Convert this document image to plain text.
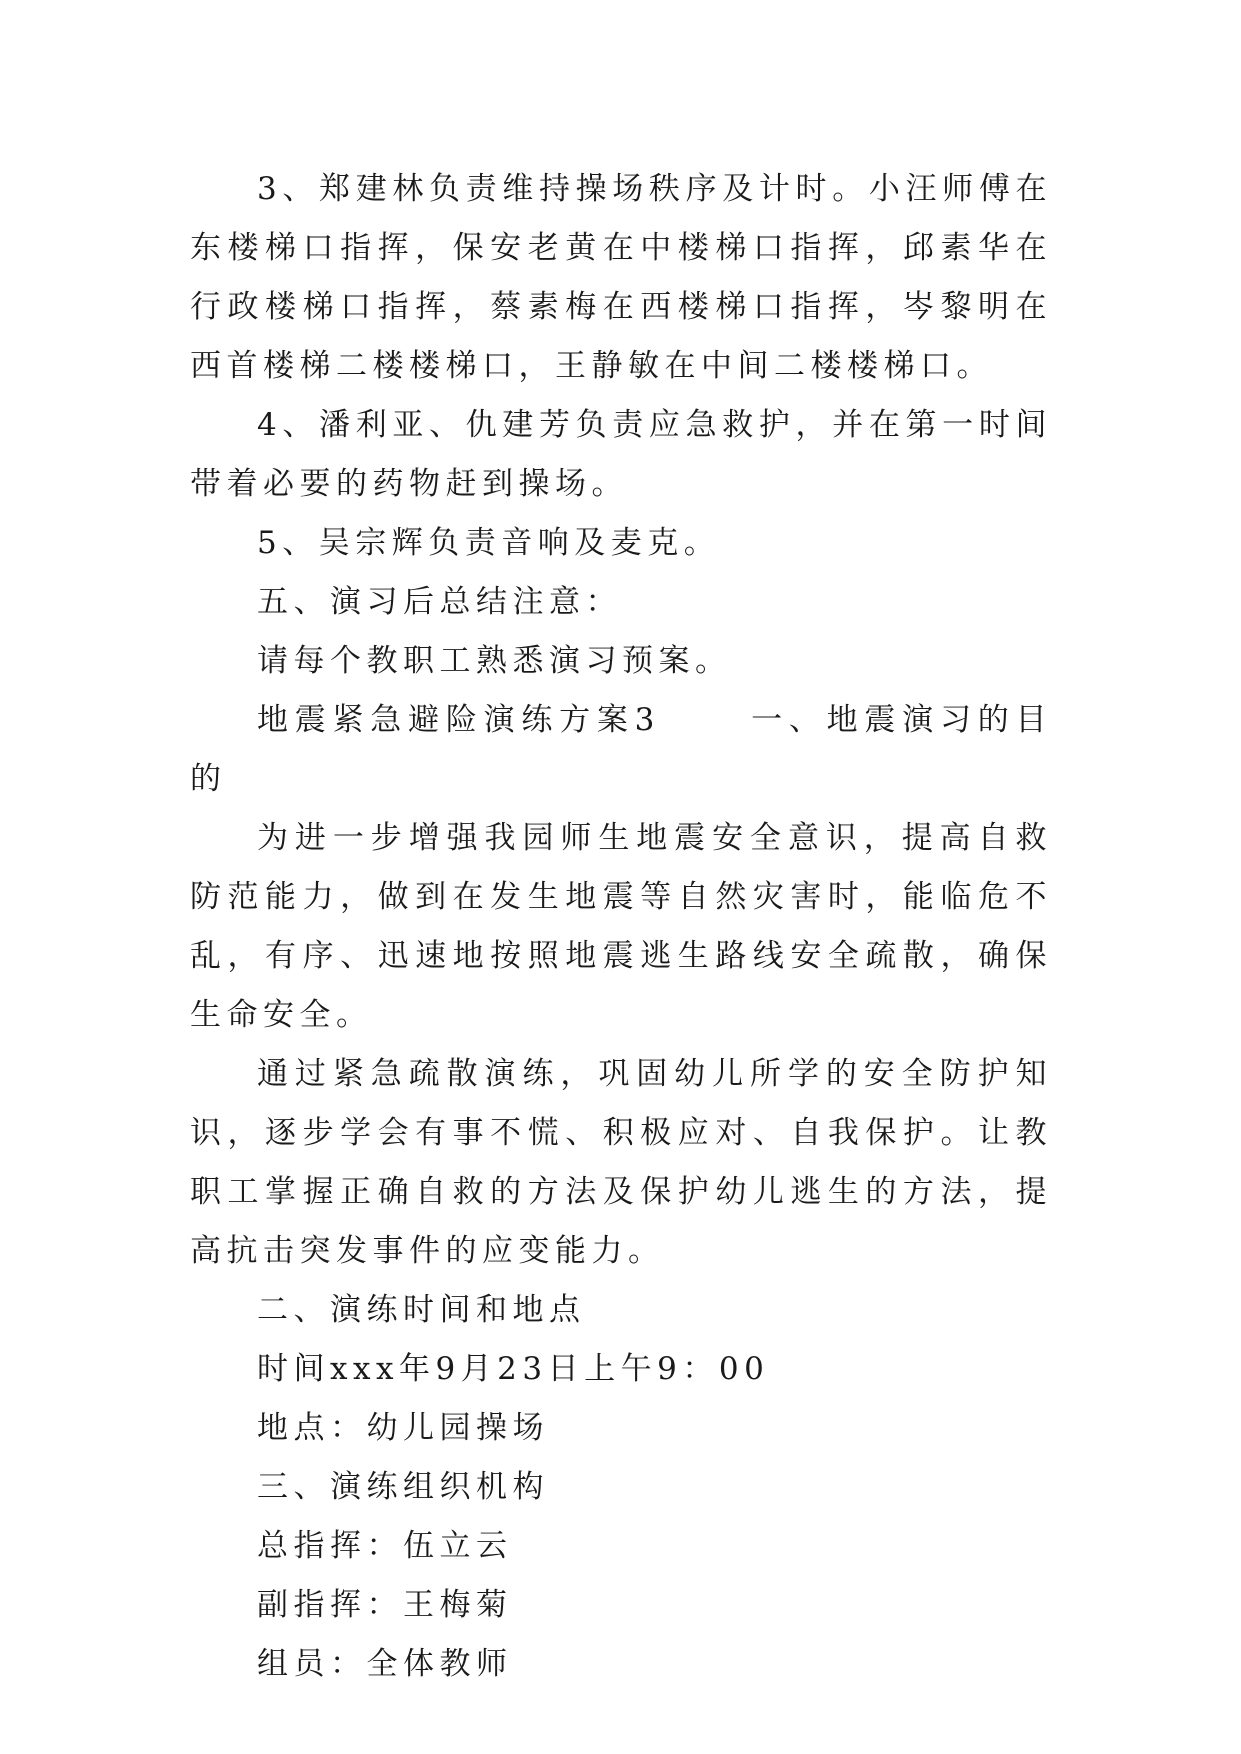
3、郑建林负责维持操场秩序及计时。小汪师傅在东楼梯口指挥，保安老黄在中楼梯口指挥，邱素华在行政楼梯口指挥，蔡素梅在西楼梯口指挥，岑黎明在西首楼梯二楼楼梯口，王静敏在中间二楼楼梯口。

4、潘利亚、仇建芳负责应急救护，并在第一时间带着必要的药物赶到操场。

5、吴宗辉负责音响及麦克。

五、演习后总结注意：

请每个教职工熟悉演习预案。

地震紧急避险演练方案3	一、地震演习的目的

为进一步增强我园师生地震安全意识，提高自救防范能力，做到在发生地震等自然灾害时，能临危不乱，有序、迅速地按照地震逃生路线安全疏散，确保生命安全。

通过紧急疏散演练，巩固幼儿所学的安全防护知识，逐步学会有事不慌、积极应对、自我保护。让教职工掌握正确自救的方法及保护幼儿逃生的方法，提高抗击突发事件的应变能力。

二、演练时间和地点

时间xxx年9月23日上午9：00

地点：幼儿园操场

三、演练组织机构

总指挥：伍立云

副指挥：王梅菊

组员：全体教师
